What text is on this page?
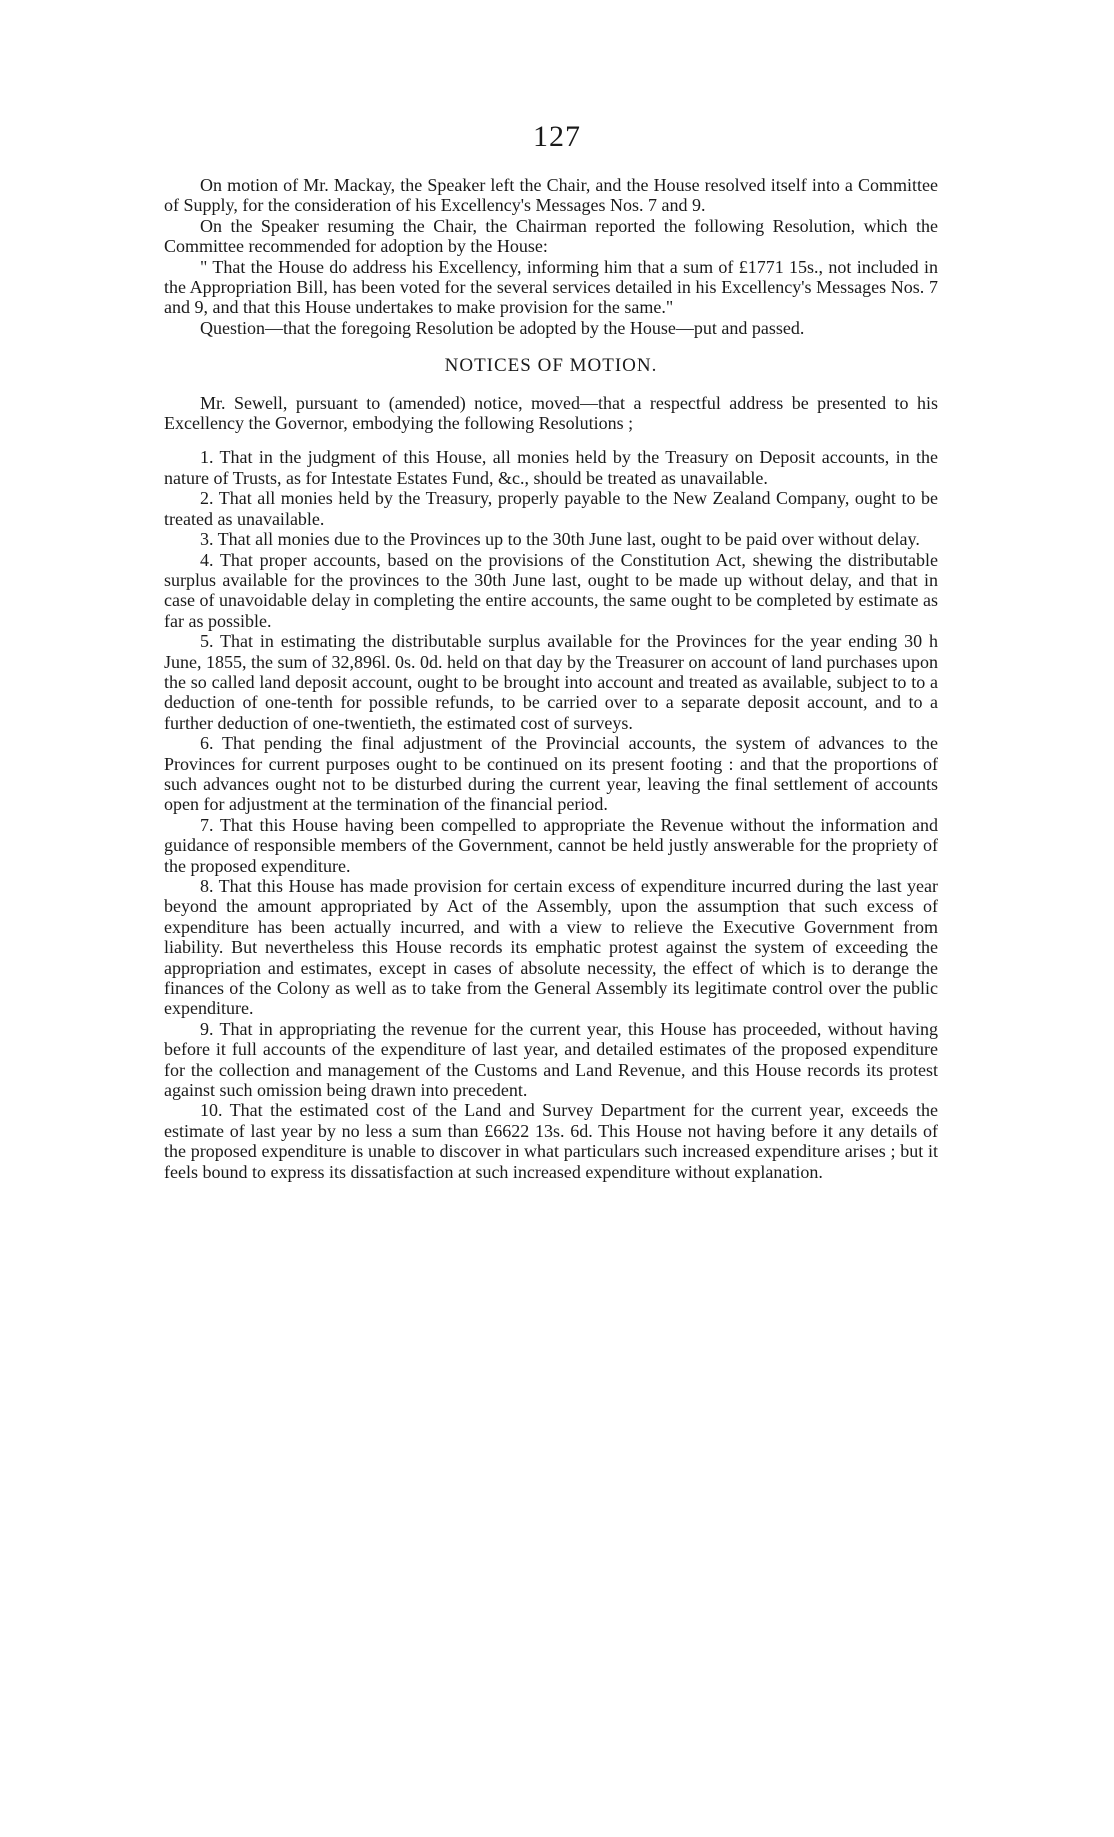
127

On motion of Mr. Mackay, the Speaker left the Chair, and the House resolved itself into a Committee of Supply, for the consideration of his Excellency's Messages Nos. 7 and 9.

On the Speaker resuming the Chair, the Chairman reported the following Resolution, which the Committee recommended for adoption by the House:

" That the House do address his Excellency, informing him that a sum of £1771 15s., not included in the Appropriation Bill, has been voted for the several services detailed in his Excellency's Messages Nos. 7 and 9, and that this House undertakes to make provision for the same."

Question—that the foregoing Resolution be adopted by the House—put and passed.

NOTICES OF MOTION.

Mr. Sewell, pursuant to (amended) notice, moved—that a respectful address be presented to his Excellency the Governor, embodying the following Resolutions ;

1. That in the judgment of this House, all monies held by the Treasury on Deposit accounts, in the nature of Trusts, as for Intestate Estates Fund, &c., should be treated as unavailable.

2. That all monies held by the Treasury, properly payable to the New Zealand Company, ought to be treated as unavailable.

3. That all monies due to the Provinces up to the 30th June last, ought to be paid over without delay.

4. That proper accounts, based on the provisions of the Constitution Act, shewing the distributable surplus available for the provinces to the 30th June last, ought to be made up without delay, and that in case of unavoidable delay in completing the entire accounts, the same ought to be completed by estimate as far as possible.

5. That in estimating the distributable surplus available for the Provinces for the year ending 30 h June, 1855, the sum of 32,896l. 0s. 0d. held on that day by the Treasurer on account of land purchases upon the so called land deposit account, ought to be brought into account and treated as available, subject to to a deduction of one-tenth for possible refunds, to be carried over to a separate deposit account, and to a further deduction of one-twentieth, the estimated cost of surveys.

6. That pending the final adjustment of the Provincial accounts, the system of advances to the Provinces for current purposes ought to be continued on its present footing : and that the proportions of such advances ought not to be disturbed during the current year, leaving the final settlement of accounts open for adjustment at the termination of the financial period.

7. That this House having been compelled to appropriate the Revenue without the information and guidance of responsible members of the Government, cannot be held justly answerable for the propriety of the proposed expenditure.

8. That this House has made provision for certain excess of expenditure incurred during the last year beyond the amount appropriated by Act of the Assembly, upon the assumption that such excess of expenditure has been actually incurred, and with a view to relieve the Executive Government from liability. But nevertheless this House records its emphatic protest against the system of exceeding the appropriation and estimates, except in cases of absolute necessity, the effect of which is to derange the finances of the Colony as well as to take from the General Assembly its legitimate control over the public expenditure.

9. That in appropriating the revenue for the current year, this House has proceeded, without having before it full accounts of the expenditure of last year, and detailed estimates of the proposed expenditure for the collection and management of the Customs and Land Revenue, and this House records its protest against such omission being drawn into precedent.

10. That the estimated cost of the Land and Survey Department for the current year, exceeds the estimate of last year by no less a sum than £6622 13s. 6d. This House not having before it any details of the proposed expenditure is unable to discover in what particulars such increased expenditure arises ; but it feels bound to express its dissatisfaction at such increased expenditure without explanation.
